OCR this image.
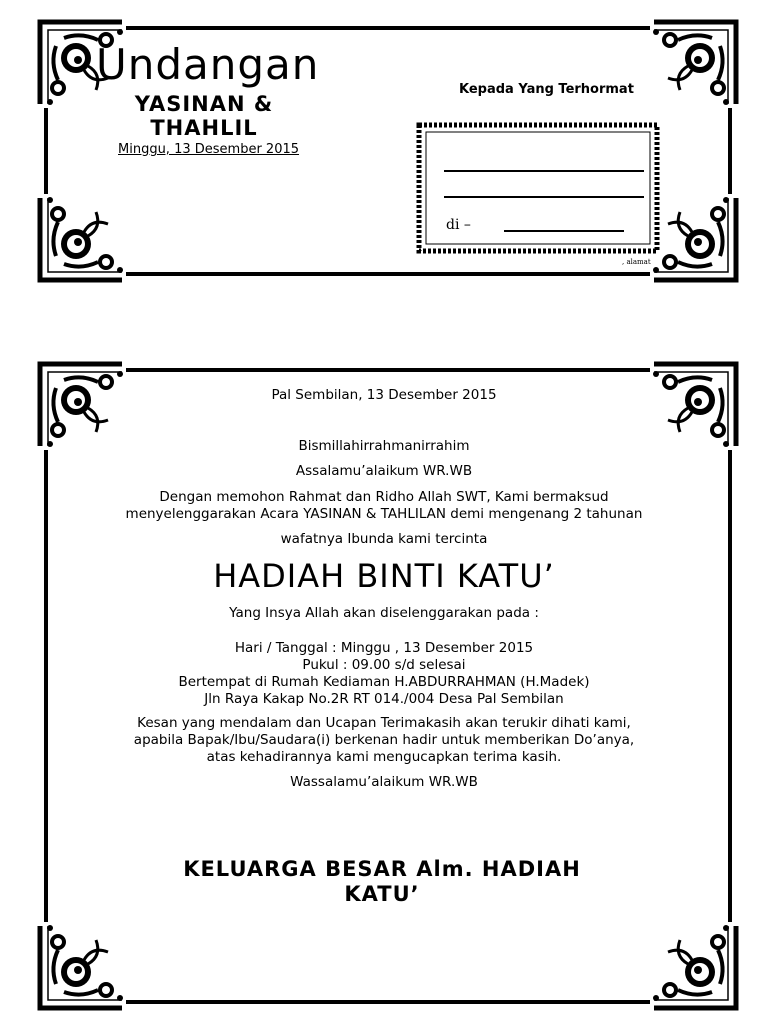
Undangan
YASINAN &
THAHLIL
Minggu, 13 Desember 2015
Kepada Yang Terhormat
di –
, alamat
Pal Sembilan, 13 Desember 2015
Bismillahirrahmanirrahim
Assalamu’alaikum WR.WB
Dengan memohon Rahmat dan Ridho Allah SWT, Kami bermaksud
menyelenggarakan Acara YASINAN & TAHLILAN demi mengenang 2 tahunan
wafatnya Ibunda kami tercinta
HADIAH BINTI KATU’
Yang Insya Allah akan diselenggarakan pada :
Hari / Tanggal : Minggu , 13 Desember 2015
Pukul : 09.00 s/d selesai
Bertempat di Rumah Kediaman H.ABDURRAHMAN (H.Madek)
Jln Raya Kakap No.2R RT 014./004 Desa Pal Sembilan
Kesan yang mendalam dan Ucapan Terimakasih akan terukir dihati kami,
apabila Bapak/Ibu/Saudara(i) berkenan hadir untuk memberikan Do’anya,
atas kehadirannya kami mengucapkan terima kasih.
Wassalamu’alaikum WR.WB
KELUARGA BESAR Alm. HADIAH
KATU’
